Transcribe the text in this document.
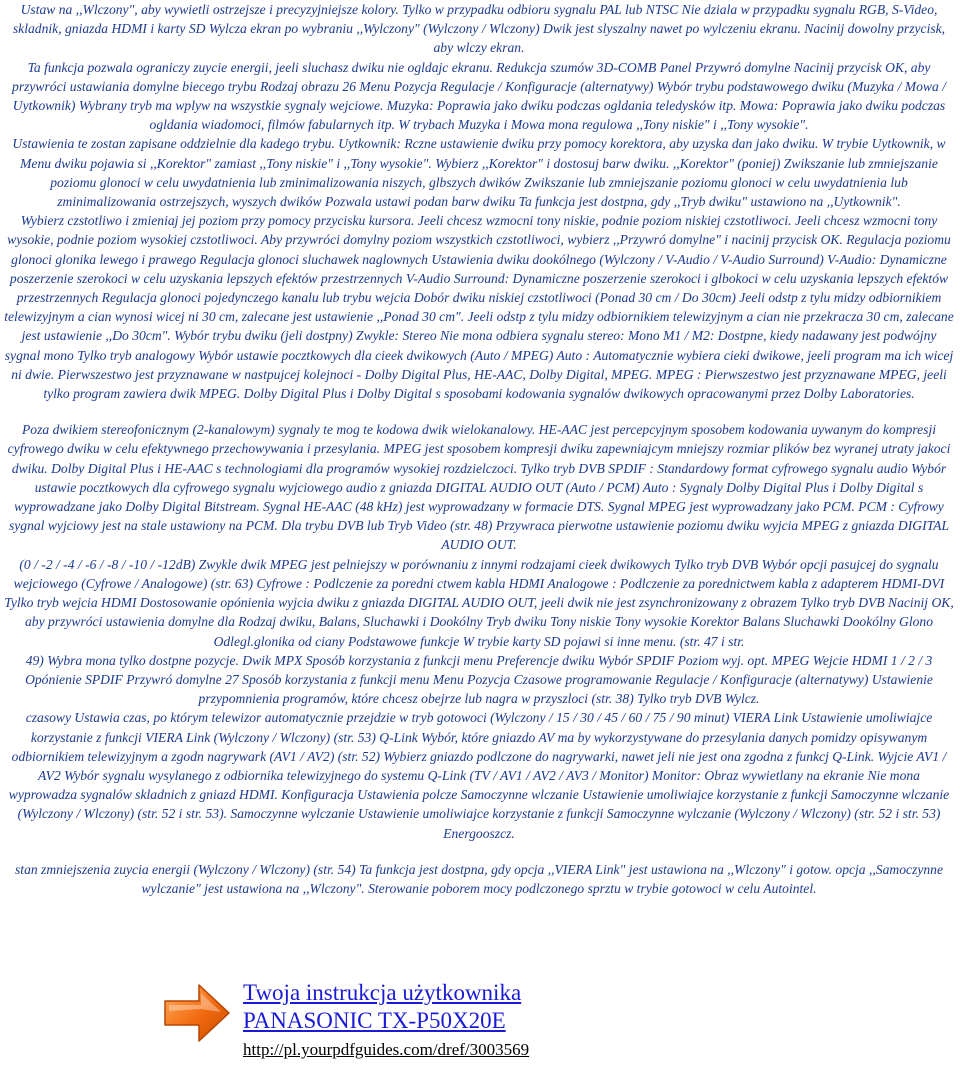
Ustaw na ,,Wlczony", aby wywietli ostrzejsze i precyzyjniejsze kolory. Tylko w przypadku odbioru sygnalu PAL lub NTSC Nie dziala w przypadku sygnalu RGB, S-Video, skladnik, gniazda HDMI i karty SD Wylcza ekran po wybraniu ,,Wylczony" (Wylczony / Wlczony) Dwik jest slyszalny nawet po wylczeniu ekranu. Nacinij dowolny przycisk, aby wlczy ekran.

Ta funkcja pozwala ograniczy zuycie energii, jeeli sluchasz dwiku nie ogldajc ekranu. Redukcja szumów 3D-COMB Panel Przywró domylne Nacinij przycisk OK, aby przywróci ustawiania domylne biecego trybu Rodzaj obrazu 26 Menu Pozycja Regulacje / Konfiguracje (alternatywy) Wybór trybu podstawowego dwiku (Muzyka / Mowa / Uytkownik) Wybrany tryb ma wplyw na wszystkie sygnaly wejciowe. Muzyka: Poprawia jako dwiku podczas ogldania teledysków itp. Mowa: Poprawia jako dwiku podczas ogldania wiadomoci, filmów fabularnych itp. W trybach Muzyka i Mowa mona regulowa ,,Tony niskie" i ,,Tony wysokie".

Ustawienia te zostan zapisane oddzielnie dla kadego trybu. Uytkownik: Rczne ustawienie dwiku przy pomocy korektora, aby uzyska dan jako dwiku. W trybie Uytkownik, w Menu dwiku pojawia si ,,Korektor" zamiast ,,Tony niskie" i ,,Tony wysokie". Wybierz ,,Korektor" i dostosuj barw dwiku. ,,Korektor" (poniej) Zwikszanie lub zmniejszanie poziomu glonoci w celu uwydatnienia lub zminimalizowania niszych, glbszych dwików Zwikszanie lub zmniejszanie poziomu glonoci w celu uwydatnienia lub zminimalizowania ostrzejszych, wyszych dwików Pozwala ustawi podan barw dwiku Ta funkcja jest dostpna, gdy ,,Tryb dwiku" ustawiono na ,,Uytkownik".

Wybierz czstotliwo i zmieniaj jej poziom przy pomocy przycisku kursora. Jeeli chcesz wzmocni tony niskie, podnie poziom niskiej czstotliwoci. Jeeli chcesz wzmocni tony wysokie, podnie poziom wysokiej czstotliwoci. Aby przywróci domylny poziom wszystkich czstotliwoci, wybierz ,,Przywró domylne" i nacinij przycisk OK. Regulacja poziomu glonoci glonika lewego i prawego Regulacja glonoci sluchawek naglownych Ustawienia dwiku dookólnego (Wylczony / V-Audio / V-Audio Surround) V-Audio: Dynamiczne poszerzenie szerokoci w celu uzyskania lepszych efektów przestrzennych V-Audio Surround: Dynamiczne poszerzenie szerokoci i glbokoci w celu uzyskania lepszych efektów przestrzennych Regulacja glonoci pojedynczego kanalu lub trybu wejcia Dobór dwiku niskiej czstotliwoci (Ponad 30 cm / Do 30cm) Jeeli odstp z tylu midzy odbiornikiem telewizyjnym a cian wynosi wicej ni 30 cm, zalecane jest ustawienie ,,Ponad 30 cm". Jeeli odstp z tylu midzy odbiornikiem telewizyjnym a cian nie przekracza 30 cm, zalecane jest ustawienie ,,Do 30cm". Wybór trybu dwiku (jeli dostpny) Zwykle: Stereo Nie mona odbiera sygnalu stereo: Mono M1 / M2: Dostpne, kiedy nadawany jest podwójny sygnal mono Tylko tryb analogowy Wybór ustawie pocztkowych dla cieek dwikowych (Auto / MPEG) Auto : Automatycznie wybiera cieki dwikowe, jeeli program ma ich wicej ni dwie. Pierwszestwo jest przyznawane w nastpujcej kolejnoci - Dolby Digital Plus, HE-AAC, Dolby Digital, MPEG. MPEG : Pierwszestwo jest przyznawane MPEG, jeeli tylko program zawiera dwik MPEG. Dolby Digital Plus i Dolby Digital s sposobami kodowania sygnalów dwikowych opracowanymi przez Dolby Laboratories.

Poza dwikiem stereofonicznym (2-kanalowym) sygnaly te mog te kodowa dwik wielokanalowy. HE-AAC jest percepcyjnym sposobem kodowania uywanym do kompresji cyfrowego dwiku w celu efektywnego przechowywania i przesylania. MPEG jest sposobem kompresji dwiku zapewniajcym mniejszy rozmiar plików bez wyranej utraty jakoci dwiku. Dolby Digital Plus i HE-AAC s technologiami dla programów wysokiej rozdzielczoci. Tylko tryb DVB SPDIF : Standardowy format cyfrowego sygnalu audio Wybór ustawie pocztkowych dla cyfrowego sygnalu wyjciowego audio z gniazda DIGITAL AUDIO OUT (Auto / PCM) Auto : Sygnaly Dolby Digital Plus i Dolby Digital s wyprowadzane jako Dolby Digital Bitstream. Sygnal HE-AAC (48 kHz) jest wyprowadzany w formacie DTS. Sygnal MPEG jest wyprowadzany jako PCM. PCM : Cyfrowy sygnal wyjciowy jest na stale ustawiony na PCM. Dla trybu DVB lub Tryb Video (str. 48) Przywraca pierwotne ustawienie poziomu dwiku wyjcia MPEG z gniazda DIGITAL AUDIO OUT.

(0 / -2 / -4 / -6 / -8 / -10 / -12dB) Zwykle dwik MPEG jest pelniejszy w porównaniu z innymi rodzajami cieek dwikowych Tylko tryb DVB Wybór opcji pasujcej do sygnalu wejciowego (Cyfrowe / Analogowe) (str. 63) Cyfrowe : Podlczenie za poredni ctwem kabla HDMI Analogowe : Podlczenie za porednictwem kabla z adapterem HDMI-DVI Tylko tryb wejcia HDMI Dostosowanie opónienia wyjcia dwiku z gniazda DIGITAL AUDIO OUT, jeeli dwik nie jest zsynchronizowany z obrazem Tylko tryb DVB Nacinij OK, aby przywróci ustawienia domylne dla Rodzaj dwiku, Balans, Sluchawki i Dookólny Tryb dwiku Tony niskie Tony wysokie Korektor Balans Sluchawki Dookólny Glono Odlegl.glonika od ciany Podstawowe funkcje W trybie karty SD pojawi si inne menu. (str. 47 i str.

49) Wybra mona tylko dostpne pozycje. Dwik MPX Sposób korzystania z funkcji menu Preferencje dwiku Wybór SPDIF Poziom wyj. opt. MPEG Wejcie HDMI 1 / 2 / 3 Opónienie SPDIF Przywró domylne 27 Sposób korzystania z funkcji menu Menu Pozycja Czasowe programowanie Regulacje / Konfiguracje (alternatywy) Ustawienie przypomnienia programów, które chcesz obejrze lub nagra w przyszloci (str. 38) Tylko tryb DVB Wylcz.

czasowy Ustawia czas, po którym telewizor automatycznie przejdzie w tryb gotowoci (Wylczony / 15 / 30 / 45 / 60 / 75 / 90 minut) VIERA Link Ustawienie umoliwiajce korzystanie z funkcji VIERA Link (Wylczony / Wlczony) (str. 53) Q-Link Wybór, które gniazdo AV ma by wykorzystywane do przesylania danych pomidzy opisywanym odbiornikiem telewizyjnym a zgodn nagrywark (AV1 / AV2) (str. 52) Wybierz gniazdo podlczone do nagrywarki, nawet jeli nie jest ona zgodna z funkcj Q-Link. Wyjcie AV1 / AV2 Wybór sygnalu wysylanego z odbiornika telewizyjnego do systemu Q-Link (TV / AV1 / AV2 / AV3 / Monitor) Monitor: Obraz wywietlany na ekranie Nie mona wyprowadza sygnalów skladnich z gniazd HDMI. Konfiguracja Ustawienia polcze Samoczynne wlczanie Ustawienie umoliwiajce korzystanie z funkcji Samoczynne wlczanie (Wylczony / Wlczony) (str. 52 i str. 53). Samoczynne wylczanie Ustawienie umoliwiajce korzystanie z funkcji Samoczynne wylczanie (Wylczony / Wlczony) (str. 52 i str. 53) Energooszcz.

stan zmniejszenia zuycia energii (Wylczony / Wlczony) (str. 54) Ta funkcja jest dostpna, gdy opcja ,,VIERA Link" jest ustawiona na ,,Wlczony" i gotow. opcja ,,Samoczynne wylczanie" jest ustawiona na ,,Wlczony". Sterowanie poborem mocy podlczonego sprztu w trybie gotowoci w celu Autointel.

Twoja instrukcja użytkownika
PANASONIC TX-P50X20E
http://pl.yourpdfguides.com/dref/3003569
